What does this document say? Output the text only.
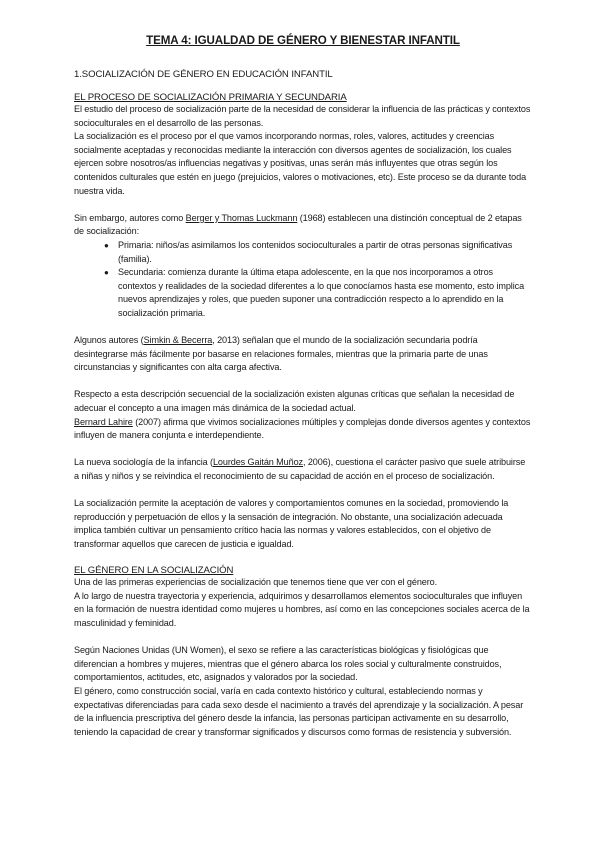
TEMA 4: IGUALDAD DE GÉNERO Y BIENESTAR INFANTIL
1.SOCIALIZACIÓN DE GÉNERO EN EDUCACIÓN INFANTIL
EL PROCESO DE SOCIALIZACIÓN PRIMARIA Y SECUNDARIA

El estudio del proceso de socialización parte de la necesidad de considerar la influencia de las prácticas y contextos socioculturales en el desarrollo de las personas.

La socialización es el proceso por el que vamos incorporando normas, roles, valores, actitudes y creencias socialmente aceptadas y reconocidas mediante la interacción con diversos agentes de socialización, los cuales ejercen sobre nosotros/as influencias negativas y positivas, unas serán más influyentes que otras según los contenidos culturales que estén en juego (prejuicios, valores o motivaciones, etc). Este proceso se da durante toda nuestra vida.

Sin embargo, autores como Berger y Thomas Luckmann (1968) establecen una distinción conceptual de 2 etapas de socialización:

● Primaria: niños/as asimilamos los contenidos socioculturales a partir de otras personas significativas (familia).
● Secundaria: comienza durante la última etapa adolescente, en la que nos incorporamos a otros contextos y realidades de la sociedad diferentes a lo que conocíamos hasta ese momento, esto implica nuevos aprendizajes y roles, que pueden suponer una contradicción respecto a lo aprendido en la socialización primaria.

Algunos autores (Simkin & Becerra, 2013) señalan que el mundo de la socialización secundaria podría desintegrarse más fácilmente por basarse en relaciones formales, mientras que la primaria parte de unas circunstancias y significantes con alta carga afectiva.

Respecto a esta descripción secuencial de la socialización existen algunas críticas que señalan la necesidad de adecuar el concepto a una imagen más dinámica de la sociedad actual.

Bernard Lahire (2007) afirma que vivimos socializaciones múltiples y complejas donde diversos agentes y contextos influyen de manera conjunta e interdependiente.

La nueva sociología de la infancia (Lourdes Gaitán Muñoz, 2006), cuestiona el carácter pasivo que suele atribuirse a niñas y niños y se reivindica el reconocimiento de su capacidad de acción en el proceso de socialización.

La socialización permite la aceptación de valores y comportamientos comunes en la sociedad, promoviendo la reproducción y perpetuación de ellos y la sensación de integración. No obstante, una socialización adecuada implica también cultivar un pensamiento crítico hacia las normas y valores establecidos, con el objetivo de transformar aquellos que carecen de justicia e igualdad.

EL GÉNERO EN LA SOCIALIZACIÓN

Una de las primeras experiencias de socialización que tenemos tiene que ver con el género.

A lo largo de nuestra trayectoria y experiencia, adquirimos y desarrollamos elementos socioculturales que influyen en la formación de nuestra identidad como mujeres u hombres, así como en las concepciones sociales acerca de la masculinidad y feminidad.

Según Naciones Unidas (UN Women), el sexo se refiere a las características biológicas y fisiológicas que diferencian a hombres y mujeres, mientras que el género abarca los roles social y culturalmente construidos, comportamientos, actitudes, etc, asignados y valorados por la sociedad.

El género, como construcción social, varía en cada contexto histórico y cultural, estableciendo normas y expectativas diferenciadas para cada sexo desde el nacimiento a través del aprendizaje y la socialización. A pesar de la influencia prescriptiva del género desde la infancia, las personas participan activamente en su desarrollo, teniendo la capacidad de crear y transformar significados y discursos como formas de resistencia y subversión.
